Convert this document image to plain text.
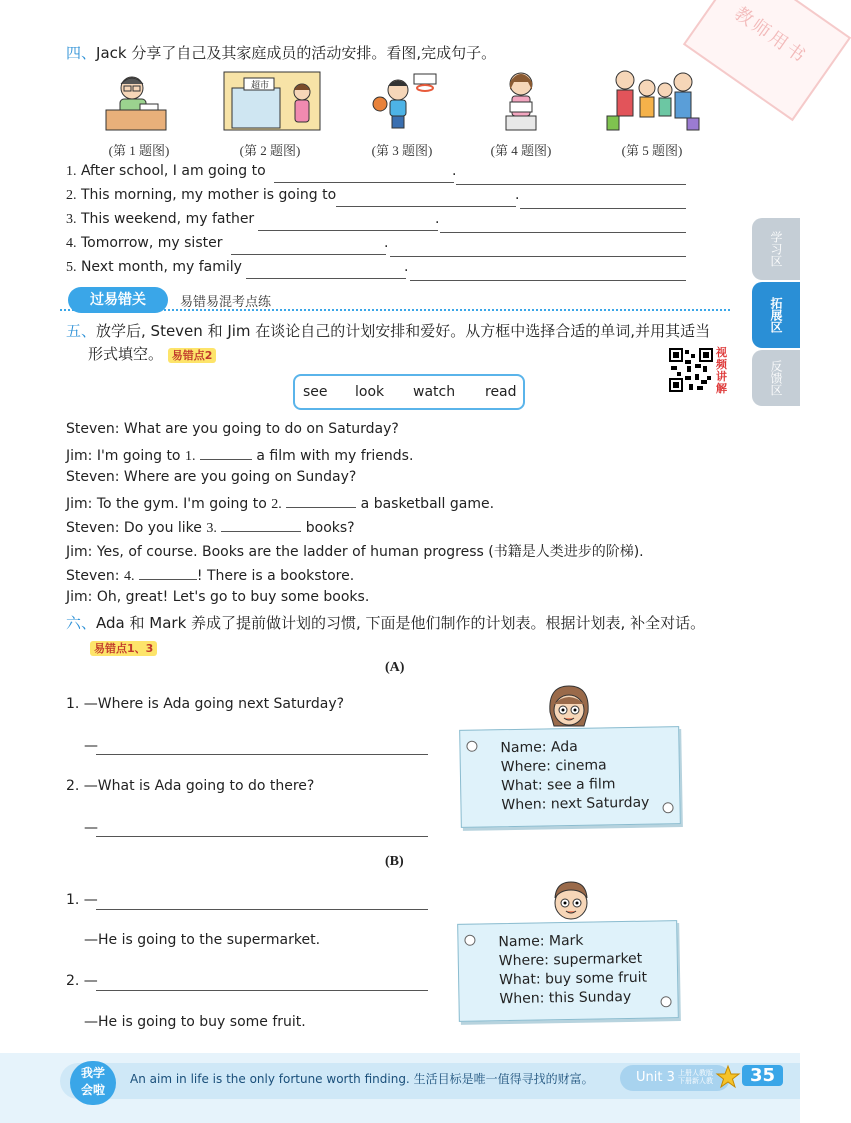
教师用书
四、Jack 分享了自己及其家庭成员的活动安排。看图,完成句子。
超市
(第 1 题图)	(第 2 题图)	(第 3 题图)	(第 4 题图)	(第 5 题图)
1. After school, I am going to	.
2. This morning, my mother is going to	.
3. This weekend, my father	.
4. Tomorrow, my sister	.
5. Next month, my family	.	学习区
拓展区
反馈区
过易错关	易错易混考点练
五、放学后, Steven 和 Jim 在谈论自己的计划安排和爱好。从方框中选择合适的单词,并用其适当
形式填空。 易错点2	视
频
讲
解
see look watch read
Steven: What are you going to do on Saturday?
Jim: I'm going to 1.	a film with my friends.
Steven: Where are you going on Sunday?
Jim: To the gym. I'm going to 2.	a basketball game.
Steven: Do you like 3.	books?
Jim: Yes, of course. Books are the ladder of human progress (书籍是人类进步的阶梯).
Steven: 4.	! There is a bookstore.
Jim: Oh, great! Let's go to buy some books.
六、Ada 和 Mark 养成了提前做计划的习惯, 下面是他们制作的计划表。根据计划表, 补全对话。
易错点1、3
(A)
1. —Where is Ada going next Saturday?
—
2. —What is Ada going to do there?
—
Name: Ada
Where: cinema
What: see a film
When: next Saturday
(B)
1. —
—He is going to the supermarket.
2. —
—He is going to buy some fruit.
Name: Mark
Where: supermarket
What: buy some fruit
When: this Sunday
我学
会啦
An aim in life is the only fortune worth finding. 生活目标是唯一值得寻找的财富。	Unit 3 上册人教版
下册新人教	35
